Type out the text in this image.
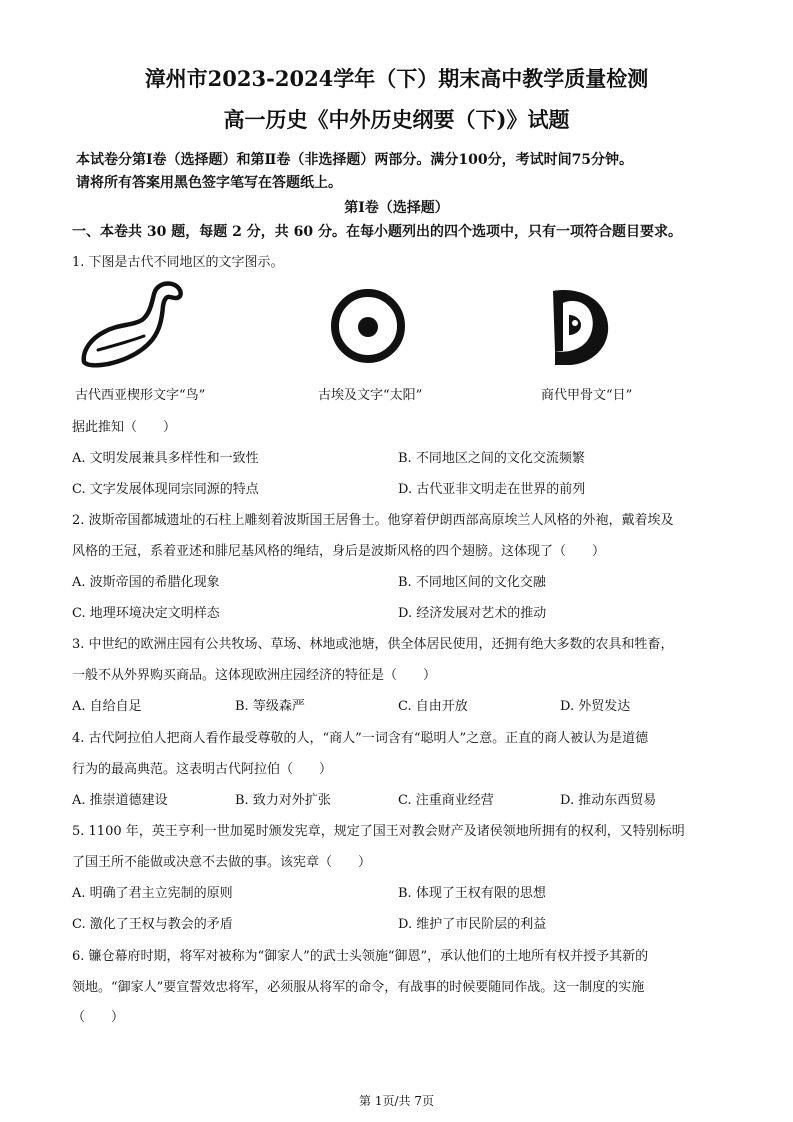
漳州市2023-2024学年（下）期末高中教学质量检测
高一历史《中外历史纲要（下)》试题
本试卷分第Ⅰ卷（选择题）和第Ⅱ卷（非选择题）两部分。满分100分，考试时间75分钟。
请将所有答案用黑色签字笔写在答题纸上。
第Ⅰ卷（选择题）
一、本卷共 30 题，每题 2 分，共 60 分。在每小题列出的四个选项中，只有一项符合题目要求。
1. 下图是古代不同地区的文字图示。
古代西亚楔形文字“鸟”	古埃及文字“太阳”	商代甲骨文“日”
据此推知（　　）
A. 文明发展兼具多样性和一致性	B. 不同地区之间的文化交流频繁
C. 文字发展体现同宗同源的特点	D. 古代亚非文明走在世界的前列
2. 波斯帝国都城遗址的石柱上雕刻着波斯国王居鲁士。他穿着伊朗西部高原埃兰人风格的外袍，戴着埃及
风格的王冠，系着亚述和腓尼基风格的绳结，身后是波斯风格的四个翅膀。这体现了（　　）
A. 波斯帝国的希腊化现象	B. 不同地区间的文化交融
C. 地理环境决定文明样态	D. 经济发展对艺术的推动
3. 中世纪的欧洲庄园有公共牧场、草场、林地或池塘，供全体居民使用，还拥有绝大多数的农具和牲畜，
一般不从外界购买商品。这体现欧洲庄园经济的特征是（　　）
A. 自给自足	B. 等级森严	C. 自由开放	D. 外贸发达
4. 古代阿拉伯人把商人看作最受尊敬的人，“商人”一词含有“聪明人”之意。正直的商人被认为是道德
行为的最高典范。这表明古代阿拉伯（　　）
A. 推崇道德建设	B. 致力对外扩张	C. 注重商业经营	D. 推动东西贸易
5. 1100 年，英王亨利一世加冕时颁发宪章，规定了国王对教会财产及诸侯领地所拥有的权利，又特别标明
了国王所不能做或决意不去做的事。该宪章（　　）
A. 明确了君主立宪制的原则	B. 体现了王权有限的思想
C. 激化了王权与教会的矛盾	D. 维护了市民阶层的利益
6. 镰仓幕府时期，将军对被称为“御家人”的武士头领施“御恩”，承认他们的土地所有权并授予其新的
领地。“御家人”要宣誓效忠将军，必须服从将军的命令，有战事的时候要随同作战。这一制度的实施
（　　）
第 1页/共 7页
